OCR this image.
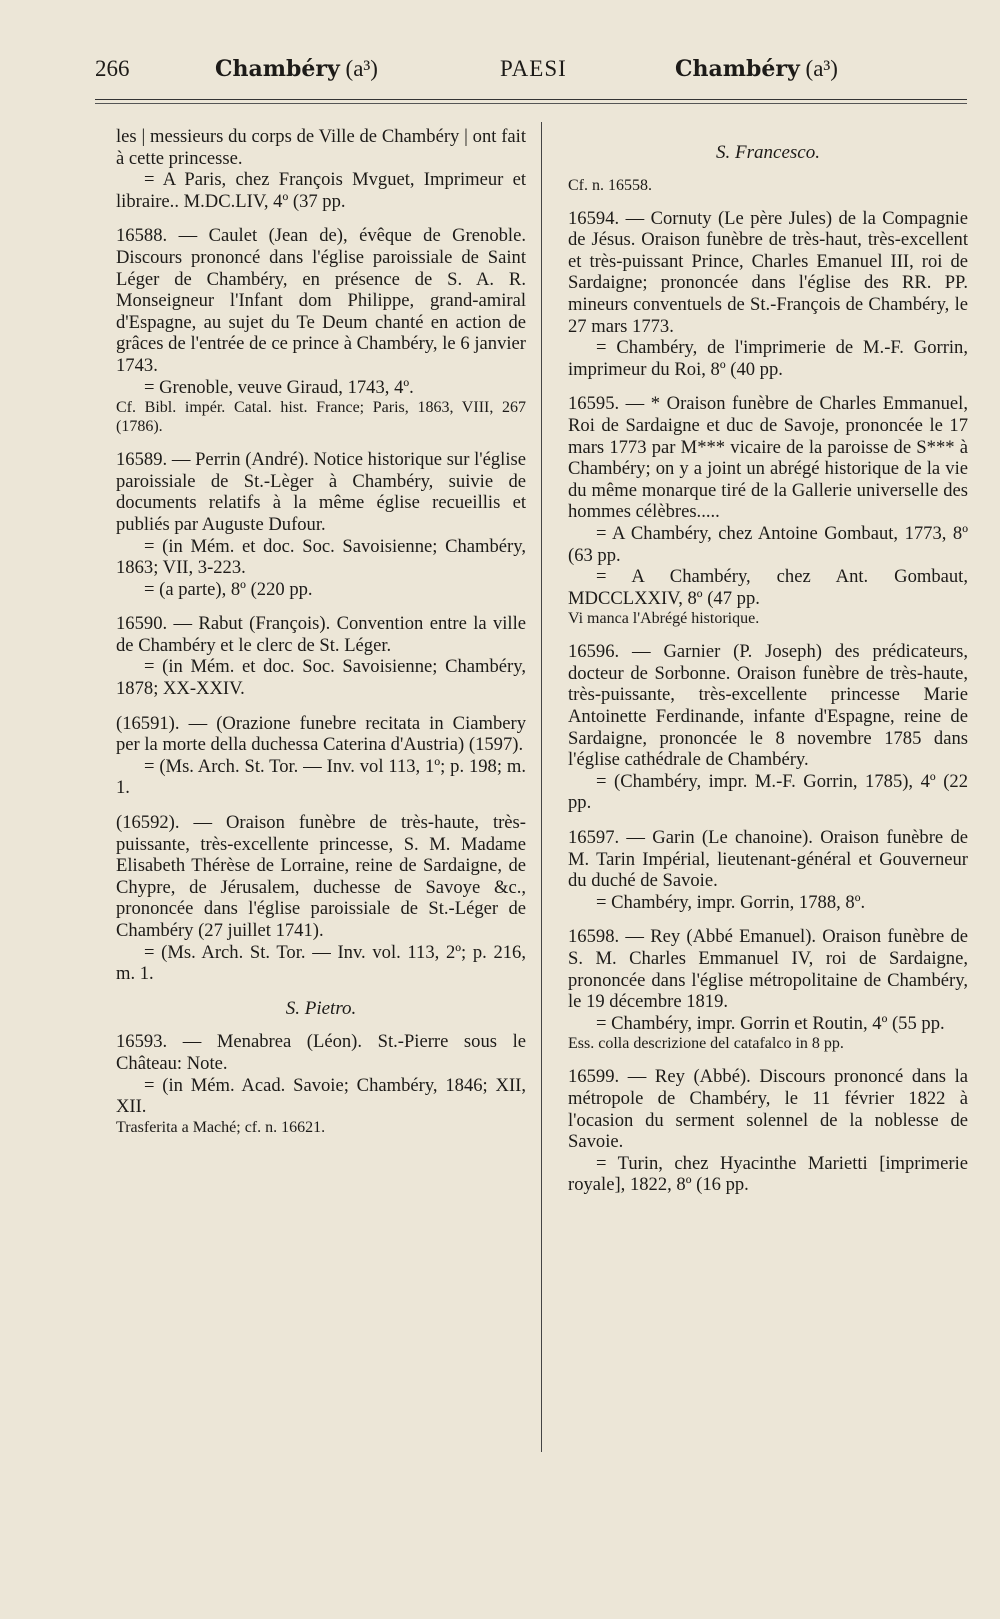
266	Chambéry (a³)	PAESI	Chambéry (a³)

les | messieurs du corps de Ville de Chambéry | ont fait à cette princesse.

= A Paris, chez François Mvguet, Imprimeur et libraire.. M.DC.LIV, 4º (37 pp.

16588. — Caulet (Jean de), évêque de Grenoble. Discours prononcé dans l'église paroissiale de Saint Léger de Chambéry, en présence de S. A. R. Monseigneur l'Infant dom Philippe, grand-amiral d'Espagne, au sujet du Te Deum chanté en action de grâces de l'entrée de ce prince à Chambéry, le 6 janvier 1743.

= Grenoble, veuve Giraud, 1743, 4º.

Cf. Bibl. impér. Catal. hist. France; Paris, 1863, VIII, 267 (1786).

16589. — Perrin (André). Notice historique sur l'église paroissiale de St.-Lèger à Chambéry, suivie de documents relatifs à la même église recueillis et publiés par Auguste Dufour.

= (in Mém. et doc. Soc. Savoisienne; Chambéry, 1863; VII, 3-223.

= (a parte), 8º (220 pp.

16590. — Rabut (François). Convention entre la ville de Chambéry et le clerc de St. Léger.

= (in Mém. et doc. Soc. Savoisienne; Chambéry, 1878; XX-XXIV.

(16591). — (Orazione funebre recitata in Ciambery per la morte della duchessa Caterina d'Austria) (1597).

= (Ms. Arch. St. Tor. — Inv. vol 113, 1º; p. 198; m. 1.

(16592). — Oraison funèbre de très-haute, très-puissante, très-excellente princesse, S. M. Madame Elisabeth Thérèse de Lorraine, reine de Sardaigne, de Chypre, de Jérusalem, duchesse de Savoye &c., prononcée dans l'église paroissiale de St.-Léger de Chambéry (27 juillet 1741).

= (Ms. Arch. St. Tor. — Inv. vol. 113, 2º; p. 216, m. 1.

S. Pietro.

16593. — Menabrea (Léon). St.-Pierre sous le Château: Note.

= (in Mém. Acad. Savoie; Chambéry, 1846; XII, XII.

Trasferita a Maché; cf. n. 16621.

S. Francesco.

Cf. n. 16558.

16594. — Cornuty (Le père Jules) de la Compagnie de Jésus. Oraison funèbre de très-haut, très-excellent et très-puissant Prince, Charles Emanuel III, roi de Sardaigne; prononcée dans l'église des RR. PP. mineurs conventuels de St.-François de Chambéry, le 27 mars 1773.

= Chambéry, de l'imprimerie de M.-F. Gorrin, imprimeur du Roi, 8º (40 pp.

16595. — * Oraison funèbre de Charles Emmanuel, Roi de Sardaigne et duc de Savoje, prononcée le 17 mars 1773 par M*** vicaire de la paroisse de S*** à Chambéry; on y a joint un abrégé historique de la vie du même monarque tiré de la Gallerie universelle des hommes célèbres.....

= A Chambéry, chez Antoine Gombaut, 1773, 8º (63 pp.

= A Chambéry, chez Ant. Gombaut, MDCCLXXIV, 8º (47 pp.

Vi manca l'Abrégé historique.

16596. — Garnier (P. Joseph) des prédicateurs, docteur de Sorbonne. Oraison funèbre de très-haute, très-puissante, très-excellente princesse Marie Antoinette Ferdinande, infante d'Espagne, reine de Sardaigne, prononcée le 8 novembre 1785 dans l'église cathédrale de Chambéry.

= (Chambéry, impr. M.-F. Gorrin, 1785), 4º (22 pp.

16597. — Garin (Le chanoine). Oraison funèbre de M. Tarin Impérial, lieutenant-général et Gouverneur du duché de Savoie.

= Chambéry, impr. Gorrin, 1788, 8º.

16598. — Rey (Abbé Emanuel). Oraison funèbre de S. M. Charles Emmanuel IV, roi de Sardaigne, prononcée dans l'église métropolitaine de Chambéry, le 19 décembre 1819.

= Chambéry, impr. Gorrin et Routin, 4º (55 pp.

Ess. colla descrizione del catafalco in 8 pp.

16599. — Rey (Abbé). Discours prononcé dans la métropole de Chambéry, le 11 février 1822 à l'ocasion du serment solennel de la noblesse de Savoie.

= Turin, chez Hyacinthe Marietti [imprimerie royale], 1822, 8º (16 pp.
